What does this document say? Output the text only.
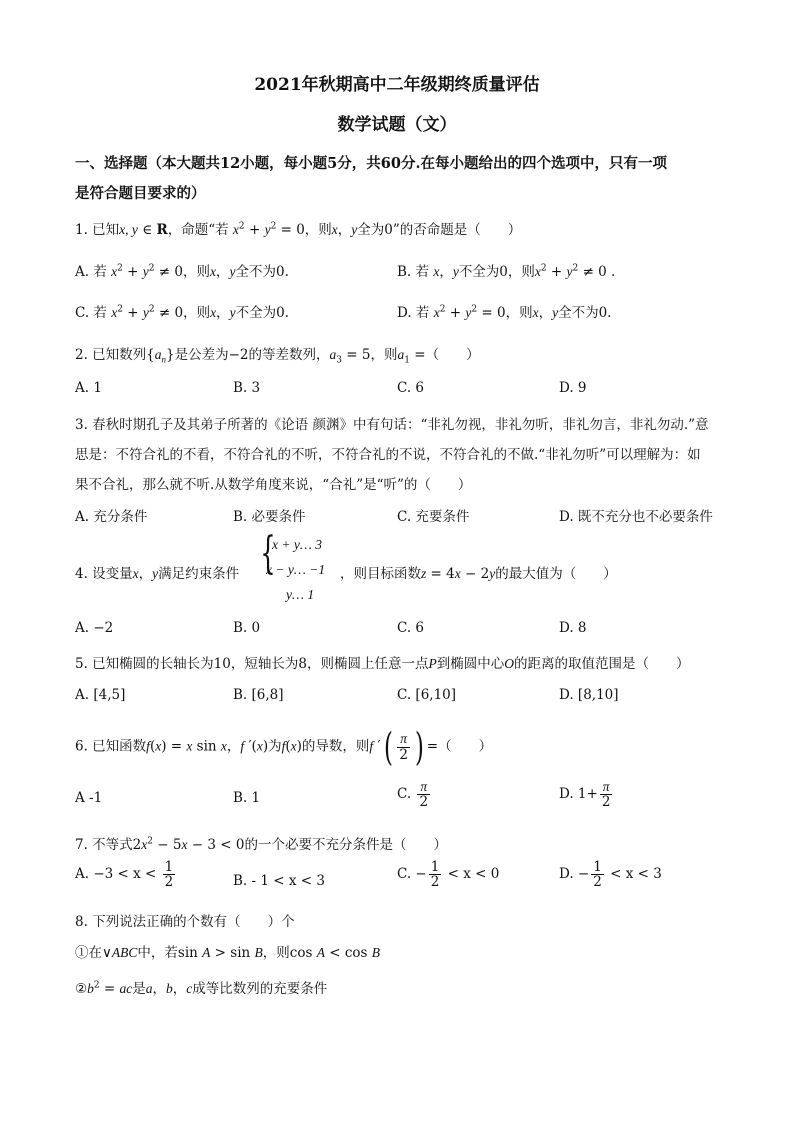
2021年秋期高中二年级期终质量评估
数学试题（文）
一、选择题（本大题共12小题，每小题5分，共60分.在每小题给出的四个选项中，只有一项
是符合题目要求的）
1. 已知x, y ∈ R，命题“若 $x^2 + y^2 = 0$，则x，y全为0”的否命题是（　　）
A. 若 $x^2 + y^2 \ne 0$，则x，y全不为0.	B. 若 x，y不全为0，则$x^2 + y^2 \ne 0$ .
C. 若 $x^2 + y^2 \ne 0$，则x，y不全为0.	D. 若 $x^2 + y^2 = 0$，则x，y全不为0.
2. 已知数列$\{a_n\}$是公差为−2的等差数列，$a_3 = 5$，则$a_1$ =（　　）
A. 1	B. 3	C. 6	D. 9
3. 春秋时期孔子及其弟子所著的《论语 颜渊》中有句话：“非礼勿视，非礼勿听，非礼勿言，非礼勿动.”意
思是：不符合礼的不看，不符合礼的不听，不符合礼的不说，不符合礼的不做.“非礼勿听”可以理解为：如
果不合礼，那么就不听.从数学角度来说，“合礼”是“听”的（　　）
A. 充分条件	B. 必要条件	C. 充要条件	D. 既不充分也不必要条件
4. 设变量x，y满足约束条件 {
x + y… 3
x − y… −1
y… 1
，则目标函数z = 4x − 2y的最大值为（　　）
A. −2	B. 0	C. 6	D. 8
5. 已知椭圆的长轴长为10，短轴长为8，则椭圆上任意一点P到椭圆中心O的距离的取值范围是（　　）
A. [4,5]	B. [6,8]	C. [6,10]	D. [8,10]
6. 已知函数f(x) = x sin x，f ′(x)为f(x)的导数，则f ′( $\frac{\pi}{2}$ ) =（　　）
A -1	B. 1	C. $\frac{\pi}{2}$	D. $1+ \frac{\pi}{2}$
7. 不等式$2x^2 - 5x - 3 < 0$的一个必要不充分条件是（　　）
A. $-3 < x < \frac{1}{2}$	B. - 1 < x < 3	C. − $\frac{1}{2} < x < 0$	D. − $\frac{1}{2} < x < 3$
8. 下列说法正确的个数有（　　）个
①在∨ABC中，若sin A > sin B，则cos A < cos B
$②b^2$ = ac是a，b，c成等比数列的充要条件
